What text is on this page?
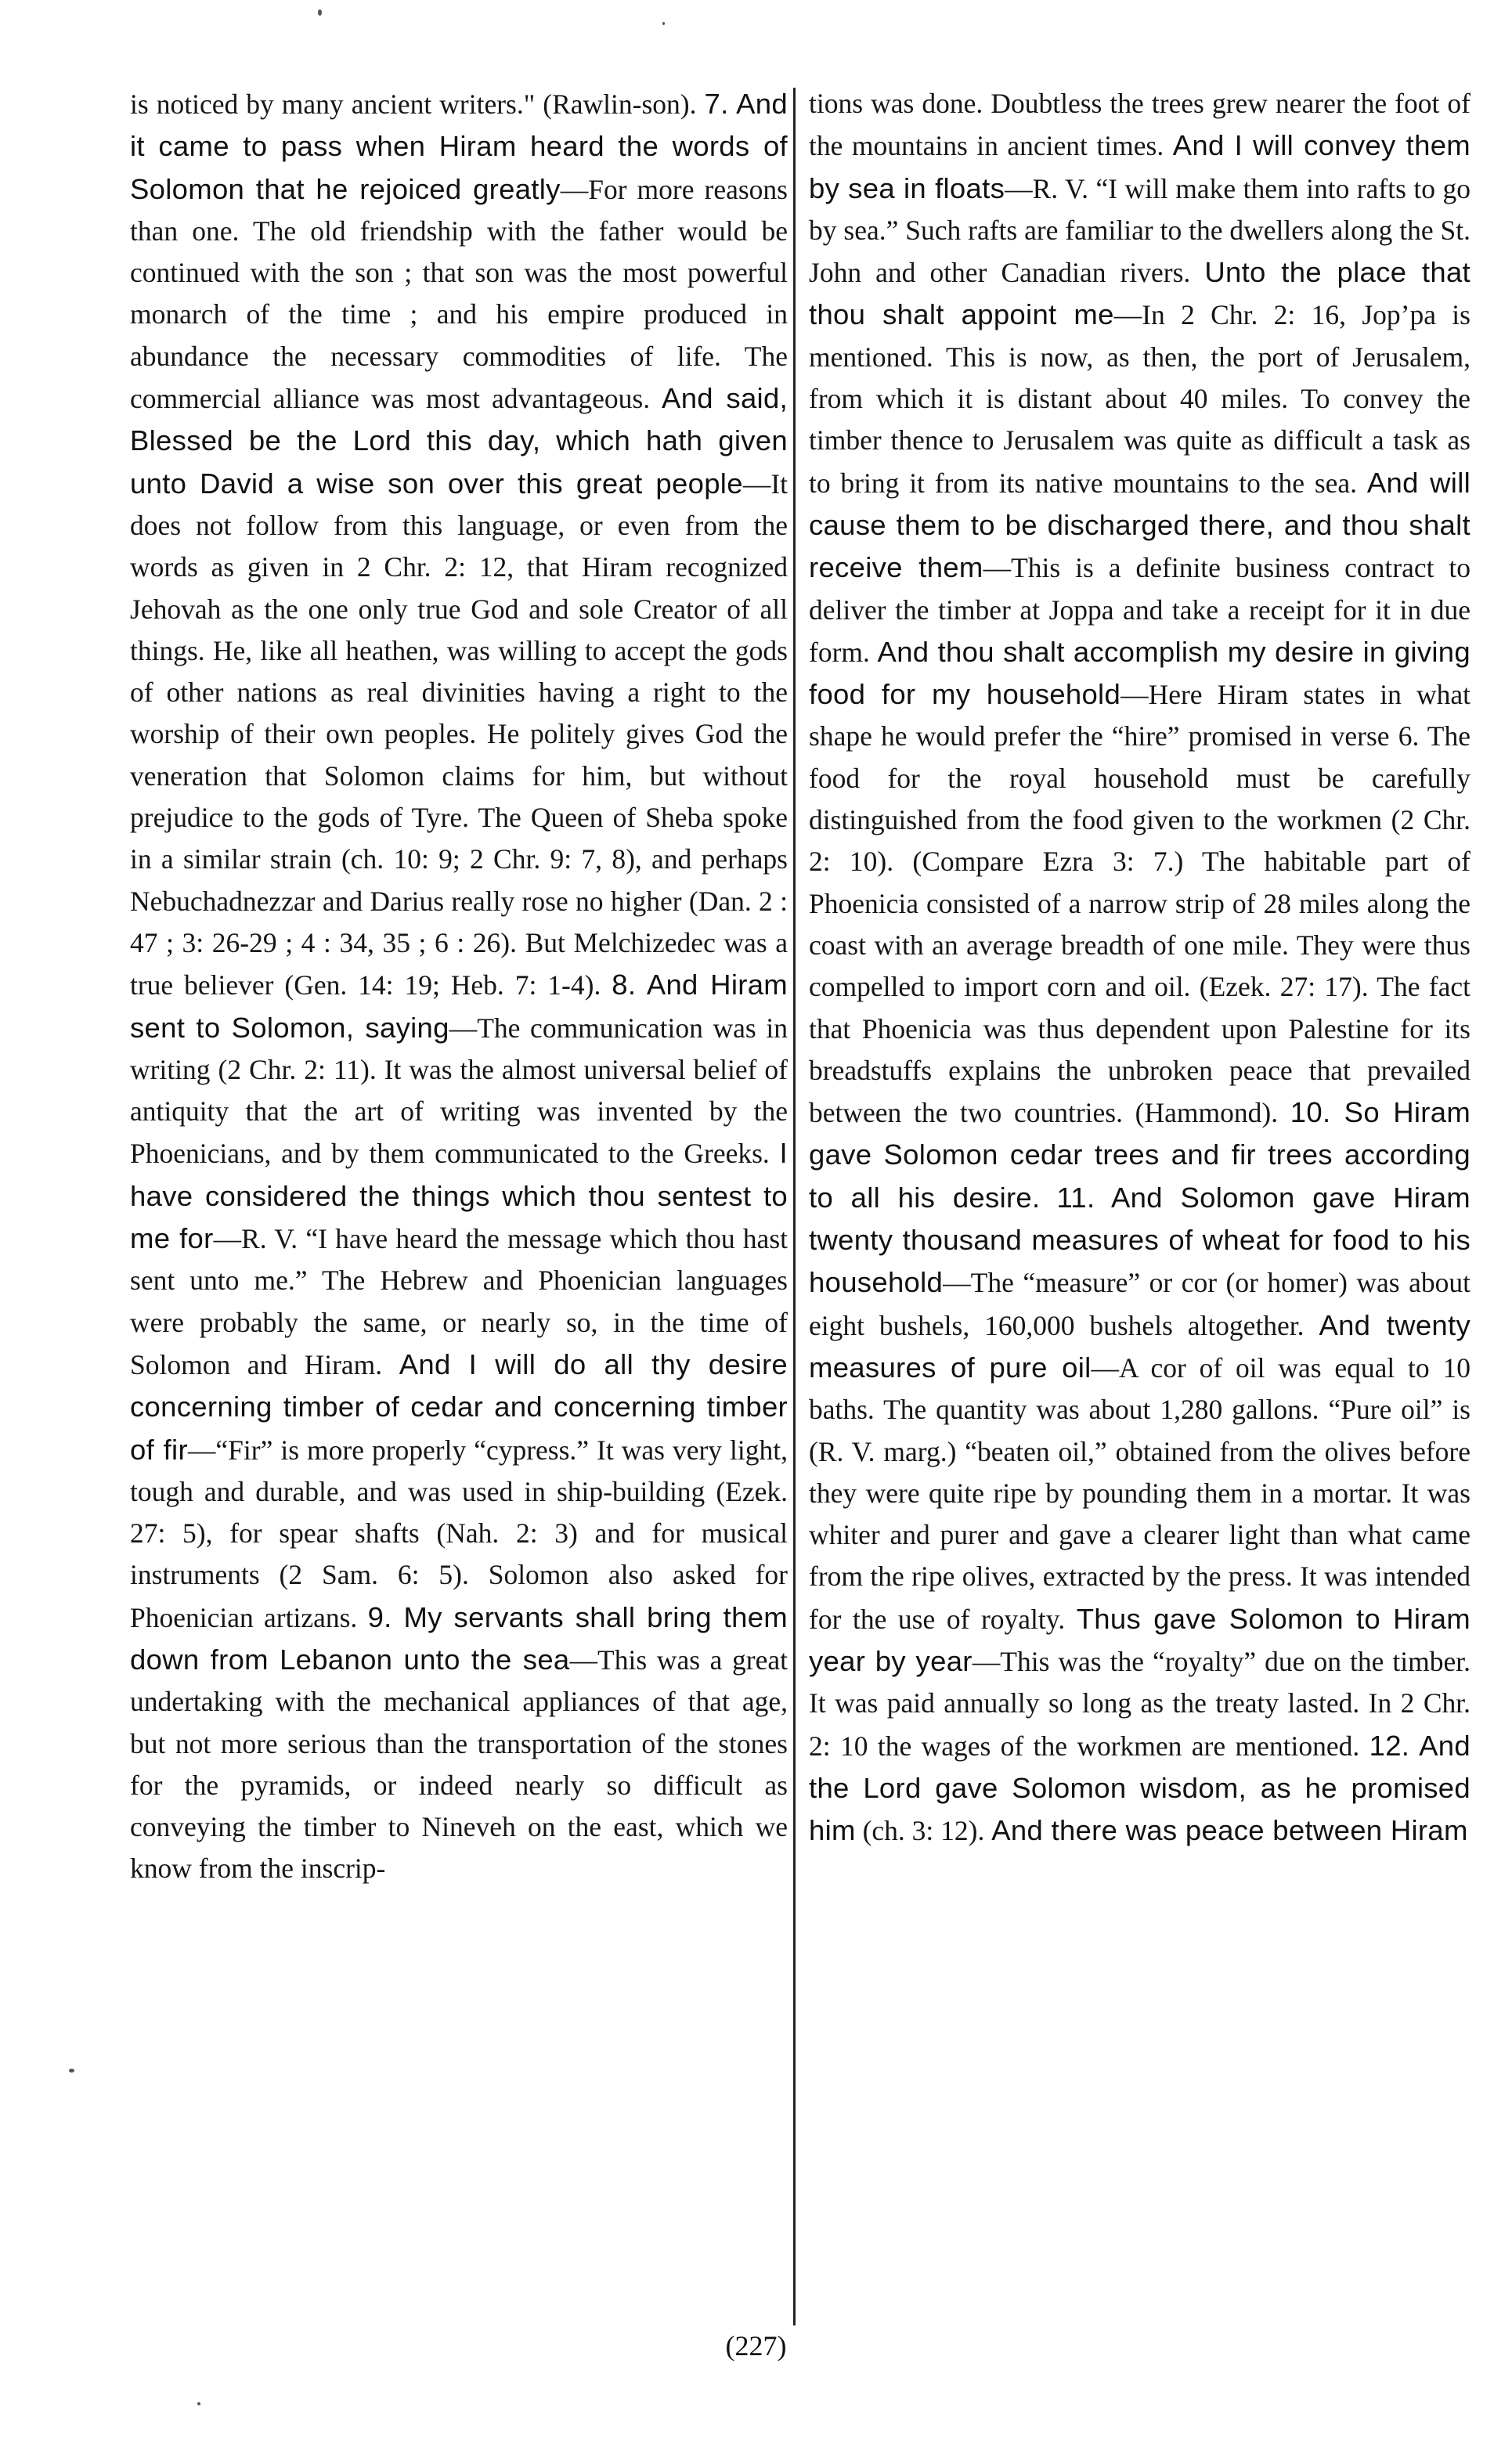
is noticed by many ancient writers." (Rawlin-son). 7. And it came to pass when Hiram heard the words of Solomon that he rejoiced greatly—For more reasons than one. The old friendship with the father would be continued with the son ; that son was the most powerful monarch of the time ; and his empire produced in abundance the necessary commodities of life. The commercial alliance was most advantageous. And said, Blessed be the Lord this day, which hath given unto David a wise son over this great people—It does not follow from this language, or even from the words as given in 2 Chr. 2: 12, that Hiram recognized Jehovah as the one only true God and sole Creator of all things. He, like all heathen, was willing to accept the gods of other nations as real divinities having a right to the worship of their own peoples. He politely gives God the veneration that Solomon claims for him, but without prejudice to the gods of Tyre. The Queen of Sheba spoke in a similar strain (ch. 10: 9; 2 Chr. 9: 7, 8), and perhaps Nebuchadnezzar and Darius really rose no higher (Dan. 2 : 47 ; 3: 26-29 ; 4 : 34, 35 ; 6 : 26). But Melchizedec was a true believer (Gen. 14: 19; Heb. 7: 1-4). 8. And Hiram sent to Solomon, saying—The communication was in writing (2 Chr. 2: 11). It was the almost universal belief of antiquity that the art of writing was invented by the Phoenicians, and by them communicated to the Greeks. I have considered the things which thou sentest to me for—R. V. “I have heard the message which thou hast sent unto me.” The Hebrew and Phoenician languages were probably the same, or nearly so, in the time of Solomon and Hiram. And I will do all thy desire concerning timber of cedar and concerning timber of fir—“Fir” is more properly “cypress.” It was very light, tough and durable, and was used in ship-building (Ezek. 27: 5), for spear shafts (Nah. 2: 3) and for musical instruments (2 Sam. 6: 5). Solomon also asked for Phoenician artizans. 9. My servants shall bring them down from Lebanon unto the sea—This was a great undertaking with the mechanical appliances of that age, but not more serious than the transportation of the stones for the pyramids, or indeed nearly so difficult as conveying the timber to Nineveh on the east, which we know from the inscrip-

tions was done. Doubtless the trees grew nearer the foot of the mountains in ancient times. And I will convey them by sea in floats—R. V. “I will make them into rafts to go by sea.” Such rafts are familiar to the dwellers along the St. John and other Canadian rivers. Unto the place that thou shalt appoint me—In 2 Chr. 2: 16, Jop’pa is mentioned. This is now, as then, the port of Jerusalem, from which it is distant about 40 miles. To convey the timber thence to Jerusalem was quite as difficult a task as to bring it from its native mountains to the sea. And will cause them to be discharged there, and thou shalt receive them—This is a definite business contract to deliver the timber at Joppa and take a receipt for it in due form. And thou shalt accomplish my desire in giving food for my household—Here Hiram states in what shape he would prefer the “hire” promised in verse 6. The food for the royal household must be carefully distinguished from the food given to the workmen (2 Chr. 2: 10). (Compare Ezra 3: 7.) The habitable part of Phoenicia consisted of a narrow strip of 28 miles along the coast with an average breadth of one mile. They were thus compelled to import corn and oil. (Ezek. 27: 17). The fact that Phoenicia was thus dependent upon Palestine for its breadstuffs explains the unbroken peace that prevailed between the two countries. (Hammond). 10. So Hiram gave Solomon cedar trees and fir trees according to all his desire. 11. And Solomon gave Hiram twenty thousand measures of wheat for food to his household—The “measure” or cor (or homer) was about eight bushels, 160,000 bushels altogether. And twenty measures of pure oil—A cor of oil was equal to 10 baths. The quantity was about 1,280 gallons. “Pure oil” is (R. V. marg.) “beaten oil,” obtained from the olives before they were quite ripe by pounding them in a mortar. It was whiter and purer and gave a clearer light than what came from the ripe olives, extracted by the press. It was intended for the use of royalty. Thus gave Solomon to Hiram year by year—This was the “royalty” due on the timber. It was paid annually so long as the treaty lasted. In 2 Chr. 2: 10 the wages of the workmen are mentioned. 12. And the Lord gave Solomon wisdom, as he promised him (ch. 3: 12). And there was peace between Hiram

(227)
